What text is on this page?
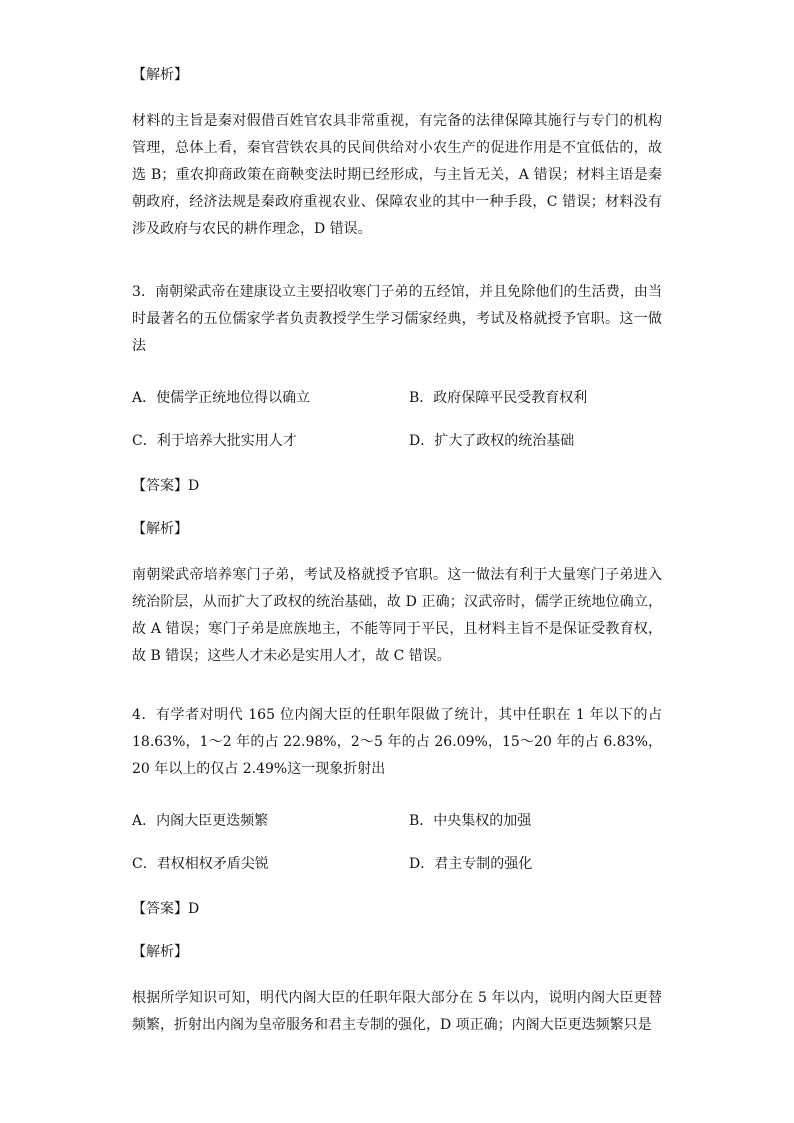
【解析】
材料的主旨是秦对假借百姓官农具非常重视，有完备的法律保障其施行与专门的机构管理，总体上看，秦官营铁农具的民间供给对小农生产的促进作用是不宜低估的，故选 B；重农抑商政策在商鞅变法时期已经形成，与主旨无关，A 错误；材料主语是秦朝政府，经济法规是秦政府重视农业、保障农业的其中一种手段，C 错误；材料没有涉及政府与农民的耕作理念，D 错误。
3．南朝梁武帝在建康设立主要招收寒门子弟的五经馆，并且免除他们的生活费，由当时最著名的五位儒家学者负责教授学生学习儒家经典，考试及格就授予官职。这一做法
A．使儒学正统地位得以确立	B．政府保障平民受教育权利
C．利于培养大批实用人才	D．扩大了政权的统治基础
【答案】D
【解析】
南朝梁武帝培养寒门子弟，考试及格就授予官职。这一做法有利于大量寒门子弟进入统治阶层，从而扩大了政权的统治基础，故 D 正确；汉武帝时，儒学正统地位确立，故 A 错误；寒门子弟是庶族地主，不能等同于平民，且材料主旨不是保证受教育权，故 B 错误；这些人才未必是实用人才，故 C 错误。
4．有学者对明代 165 位内阁大臣的任职年限做了统计，其中任职在 1 年以下的占 18.63%，1～2 年的占 22.98%，2～5 年的占 26.09%，15～20 年的占 6.83%，20 年以上的仅占 2.49%这一现象折射出
A．内阁大臣更迭频繁	B．中央集权的加强
C．君权相权矛盾尖锐	D．君主专制的强化
【答案】D
【解析】
根据所学知识可知，明代内阁大臣的任职年限大部分在 5 年以内，说明内阁大臣更替频繁，折射出内阁为皇帝服务和君主专制的强化，D 项正确；内阁大臣更迭频繁只是
